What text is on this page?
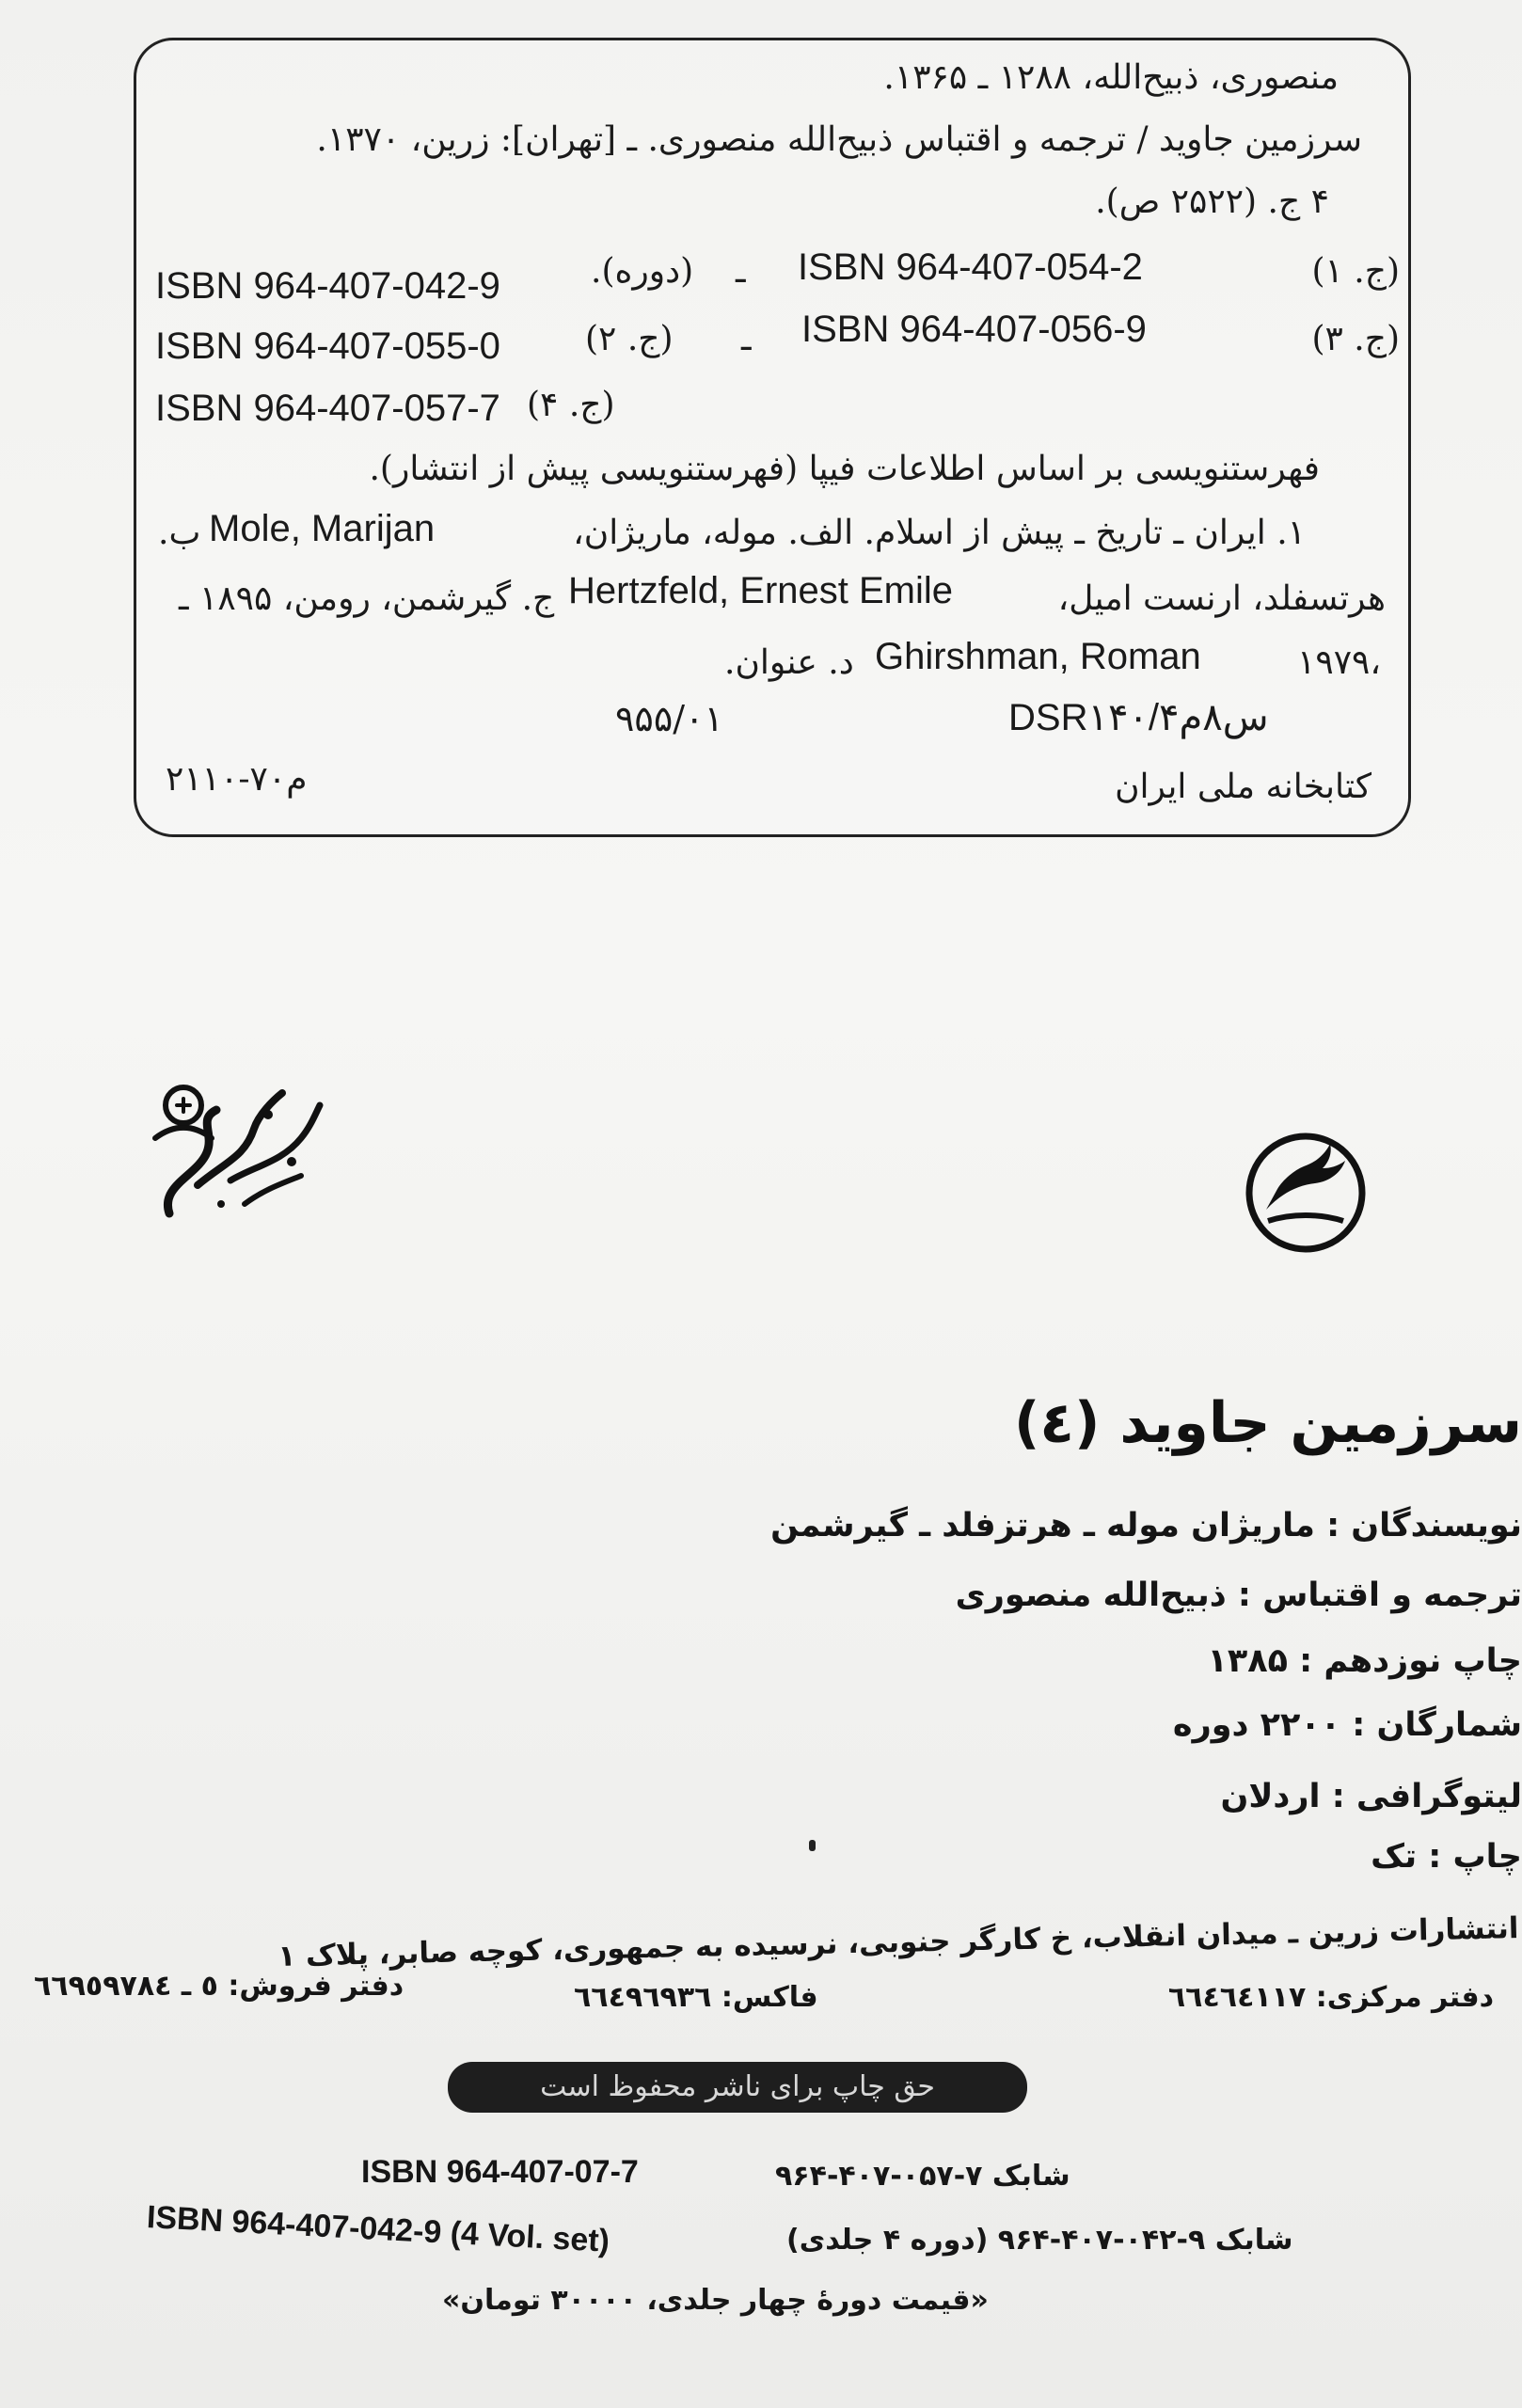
منصوری، ذبیح‌الله، ۱۲۸۸ ـ ۱۳۶۵.
سرزمین جاوید / ترجمه و اقتباس ذبیح‌الله منصوری. ـ [تهران]: زرین، ۱۳۷۰.
۴ ج. (۲۵۲۲ ص).
(ج. ۱)
ISBN 964-407-054-2
ـ
(دوره).
ISBN 964-407-042-9
(ج. ۳)
ISBN 964-407-056-9
ـ
(ج. ۲)
ISBN 964-407-055-0
(ج. ۴)
ISBN 964-407-057-7
فهرستنویسی بر اساس اطلاعات فیپا (فهرستنویسی پیش از انتشار).
۱. ایران ـ تاریخ ـ پیش از اسلام. الف. موله، ماریژان،
Mole, Marijan
ب.
هرتسفلد، ارنست امیل،
Hertzfeld, Ernest Emile
ج. گیرشمن، رومن، ۱۸۹۵ ـ
۱۹۷۹،
Ghirshman, Roman
د. عنوان.
DSR۱۴۰/۴س۸م
۹۵۵/۰۱
کتابخانه ملی ایران
۲۱۱۰-۷۰م
سرزمین جاوید (٤)
نویسندگان : ماریژان موله ـ هرتزفلد ـ گیرشمن
ترجمه و اقتباس : ذبیح‌الله منصوری
چاپ نوزدهم : ۱۳۸۵
شمارگان : ۲۲۰۰ دوره
لیتوگرافی : اردلان
چاپ : تک
انتشارات زرین ـ میدان انقلاب، خ کارگر جنوبی، نرسیده به جمهوری، کوچه صابر، پلاک ۱
دفتر مرکزی: ٦٦٤٦٤١١٧
فاکس: ٦٦٤٩٦٩٣٦
دفتر فروش: ٥ ـ ٦٦٩٥٩٧٨٤
حق چاپ برای ناشر محفوظ است
ISBN 964-407-07-7	شابک ۷-۰۵۷-۴۰۷-۹۶۴
ISBN 964-407-042-9 (4 Vol. set)	شابک ۹-۰۴۲-۴۰۷-۹۶۴ (دوره ۴ جلدی)
«قیمت دورهٔ چهار جلدی، ۳۰۰۰۰ تومان»
